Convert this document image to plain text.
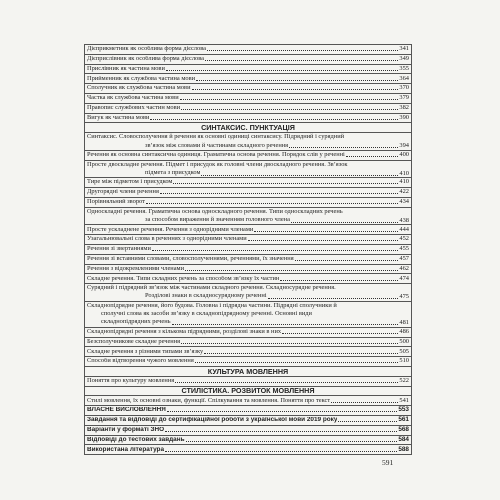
Дієприкметник як особлива форма дієслова	341

Дієприслівник як особлива форма дієслова	349

Прислівник як частина мови	355

Прийменник як службова частина мови	364

Сполучник як службова частина мови	370

Частка як службова частина мови	379

Правопис службових частин мови	382

Вигук як частина мови	390

СИНТАКСИС. ПУНКТУАЦІЯ

Синтаксис. Словосполучення й речення як основні одиниці синтаксису. Підрядний і сурядний
зв’язок між словами й частинами складного речення	394

Речення як основна синтаксична одиниця. Граматична основа речення. Порядок слів у реченні	400

Просте двоскладне речення. Підмет і присудок як головні члени двоскладного речення. Зв’язок
підмета з присудком	410

Тире між підметом і присудком	410

Другорядні члени речення	422

Порівняльний зворот	434

Односкладні речення. Граматична основа односкладного речення. Типи односкладних речень
за способом вираження й значенням головного члена	438

Просте ускладнене речення. Речення з однорідними членами	444

Узагальнювальні слова в реченнях з однорідними членами	452

Речення зі звертаннями	455

Речення зі вставними словами, словосполученнями, реченнями, їх значення	457

Речення з відокремленими членами	462

Складне речення. Типи складних речень за способом зв’язку їх частин	474

Сурядний і підрядний зв’язок між частинами складного речення. Складносурядне речення.
Розділові знаки в складносурядному реченні	475

Складнопідрядне речення, його будова. Головна і підрядна частини. Підрядні сполучники й
сполучні слова як засоби зв’язку в складнопідрядному реченні. Основні види
складнопідрядних речень	481

Складнопідрядні речення з кількома підрядними, розділові знаки в них	486

Безсполучникове складне речення	500

Складне речення з різними типами зв’язку	505

Способи відтворення чужого мовлення	510

КУЛЬТУРА МОВЛЕННЯ

Поняття про культуру мовлення	522

СТИЛІСТИКА. РОЗВИТОК МОВЛЕННЯ

Стилі мовлення, їх основні ознаки, функції. Спілкування та мовлення. Поняття про текст	541

ВЛАСНЕ ВИСЛОВЛЕННЯ	553

Завдання та відповіді до сертифікаційної роботи з української мови 2019 року	561

Варіанти у форматі ЗНО	568

Відповіді до тестових завдань	584

Використана література	588
591
